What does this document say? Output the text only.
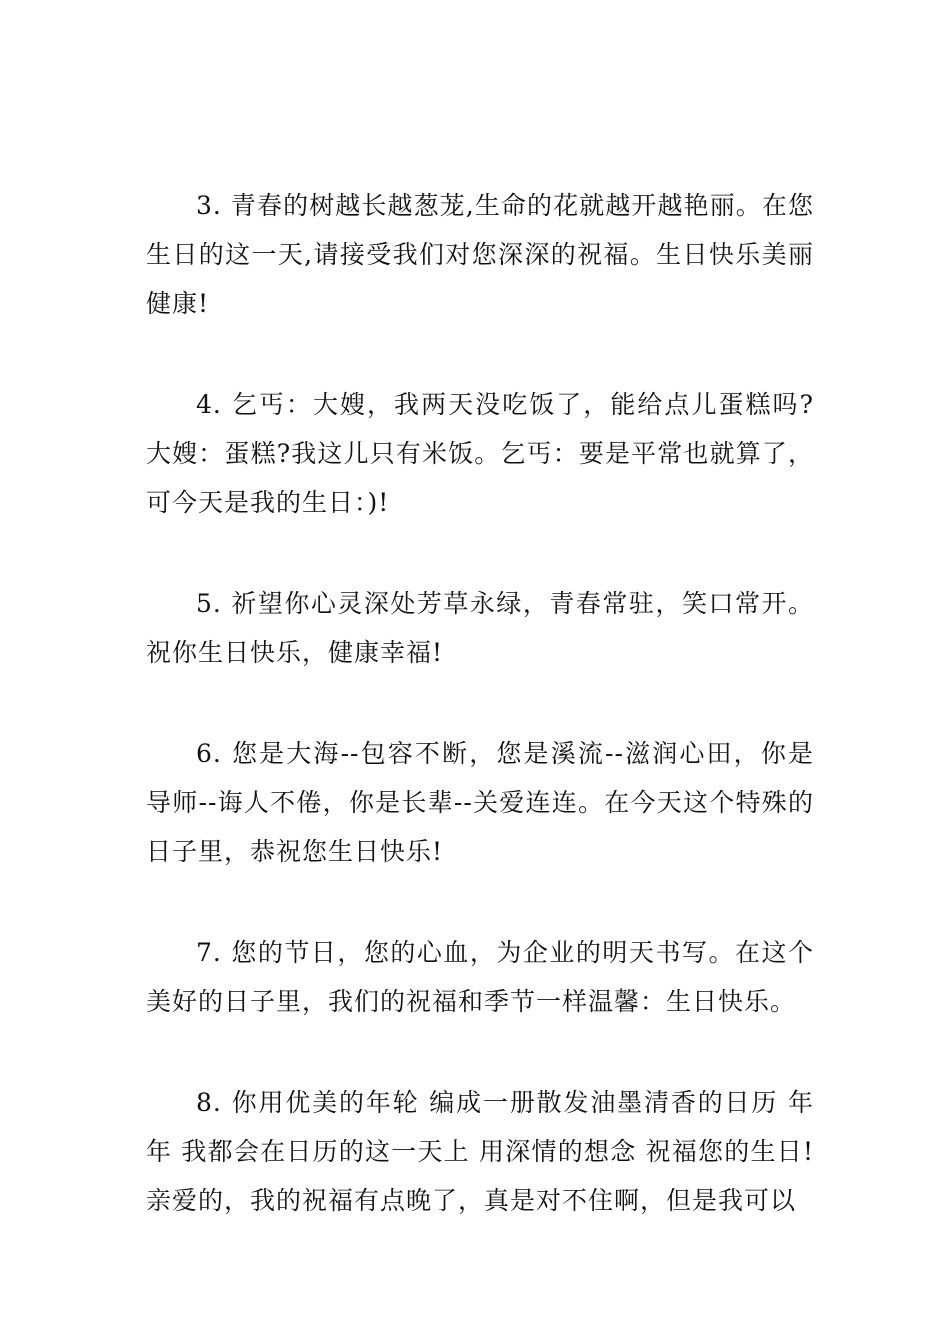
3. 青春的树越长越葱茏,生命的花就越开越艳丽。在您生日的这一天,请接受我们对您深深的祝福。生日快乐美丽健康!

4. 乞丐：大嫂，我两天没吃饭了，能给点儿蛋糕吗?大嫂：蛋糕?我这儿只有米饭。乞丐：要是平常也就算了，可今天是我的生日：)!

5. 祈望你心灵深处芳草永绿，青春常驻，笑口常开。祝你生日快乐，健康幸福!

6. 您是大海--包容不断，您是溪流--滋润心田，你是导师--诲人不倦，你是长辈--关爱连连。在今天这个特殊的日子里，恭祝您生日快乐!

7. 您的节日，您的心血，为企业的明天书写。在这个美好的日子里，我们的祝福和季节一样温馨：生日快乐。

8. 你用优美的年轮 编成一册散发油墨清香的日历 年年 我都会在日历的这一天上 用深情的想念 祝福您的生日!亲爱的，我的祝福有点晚了，真是对不住啊，但是我可以
